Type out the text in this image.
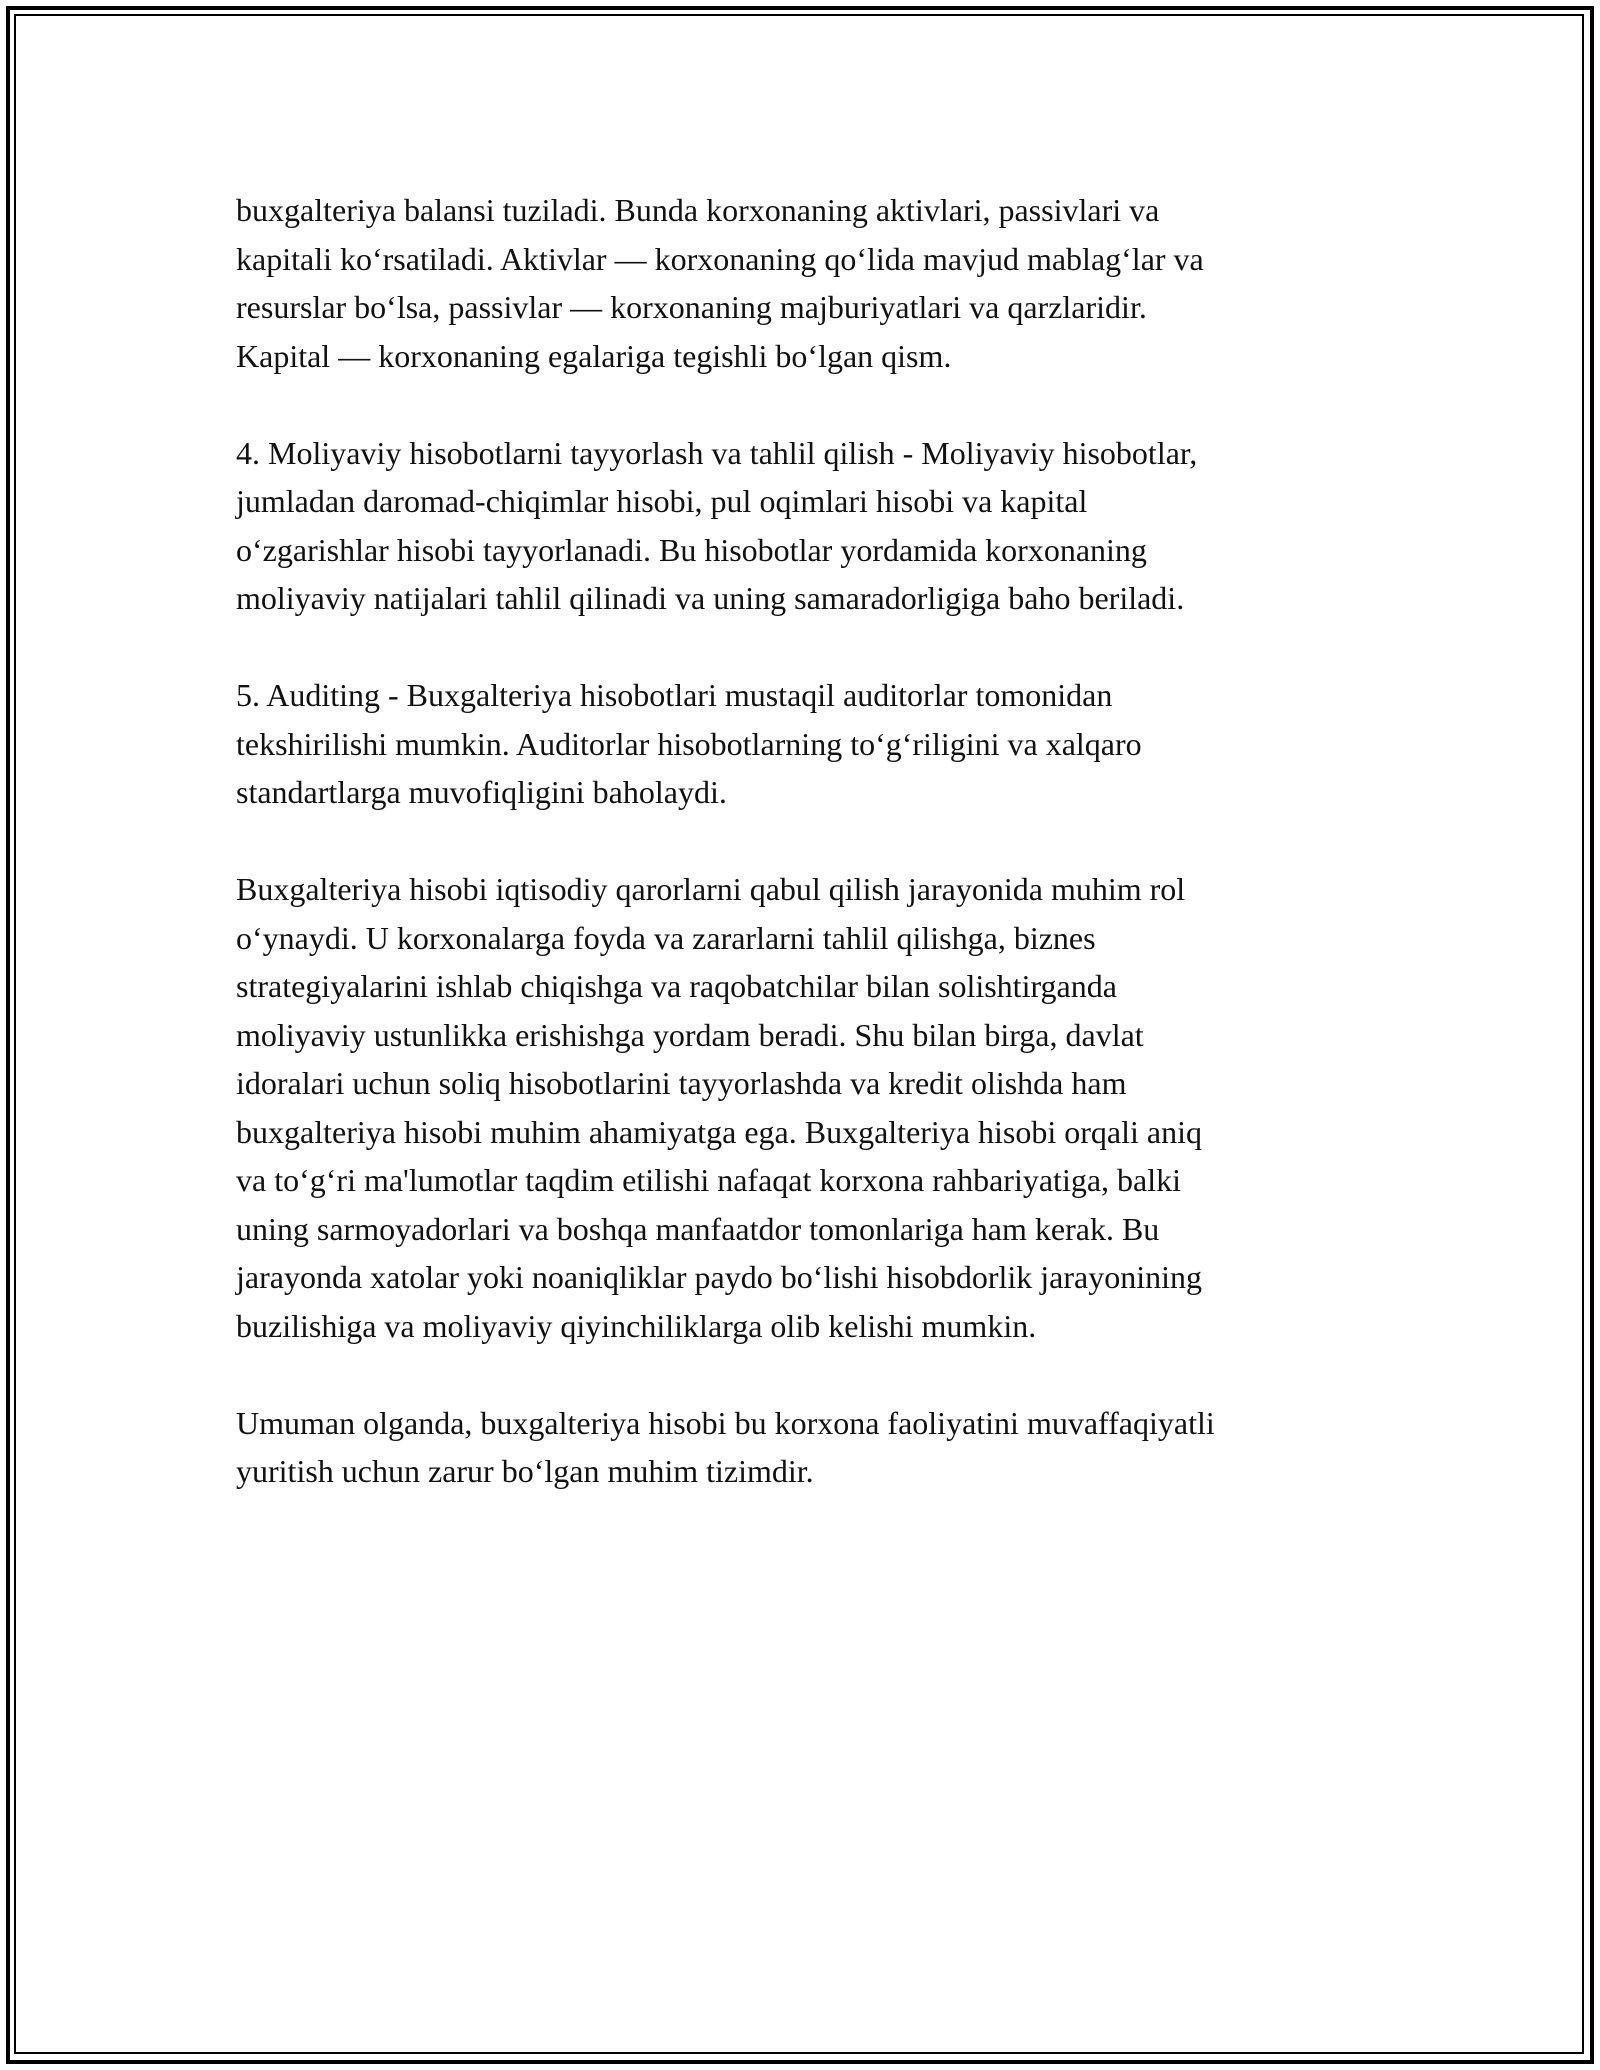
buxgalteriya balansi tuziladi. Bunda korxonaning aktivlari, passivlari va
kapitali ko‘rsatiladi. Aktivlar — korxonaning qo‘lida mavjud mablag‘lar va
resurslar bo‘lsa, passivlar — korxonaning majburiyatlari va qarzlaridir.
Kapital — korxonaning egalariga tegishli bo‘lgan qism.

4. Moliyaviy hisobotlarni tayyorlash va tahlil qilish - Moliyaviy hisobotlar,
jumladan daromad-chiqimlar hisobi, pul oqimlari hisobi va kapital
o‘zgarishlar hisobi tayyorlanadi. Bu hisobotlar yordamida korxonaning
moliyaviy natijalari tahlil qilinadi va uning samaradorligiga baho beriladi.

5. Auditing - Buxgalteriya hisobotlari mustaqil auditorlar tomonidan
tekshirilishi mumkin. Auditorlar hisobotlarning to‘g‘riligini va xalqaro
standartlarga muvofiqligini baholaydi.

Buxgalteriya hisobi iqtisodiy qarorlarni qabul qilish jarayonida muhim rol
o‘ynaydi. U korxonalarga foyda va zararlarni tahlil qilishga, biznes
strategiyalarini ishlab chiqishga va raqobatchilar bilan solishtirganda
moliyaviy ustunlikka erishishga yordam beradi. Shu bilan birga, davlat
idoralari uchun soliq hisobotlarini tayyorlashda va kredit olishda ham
buxgalteriya hisobi muhim ahamiyatga ega. Buxgalteriya hisobi orqali aniq
va to‘g‘ri ma'lumotlar taqdim etilishi nafaqat korxona rahbariyatiga, balki
uning sarmoyadorlari va boshqa manfaatdor tomonlariga ham kerak. Bu
jarayonda xatolar yoki noaniqliklar paydo bo‘lishi hisobdorlik jarayonining
buzilishiga va moliyaviy qiyinchiliklarga olib kelishi mumkin.

Umuman olganda, buxgalteriya hisobi bu korxona faoliyatini muvaffaqiyatli
yuritish uchun zarur bo‘lgan muhim tizimdir.
